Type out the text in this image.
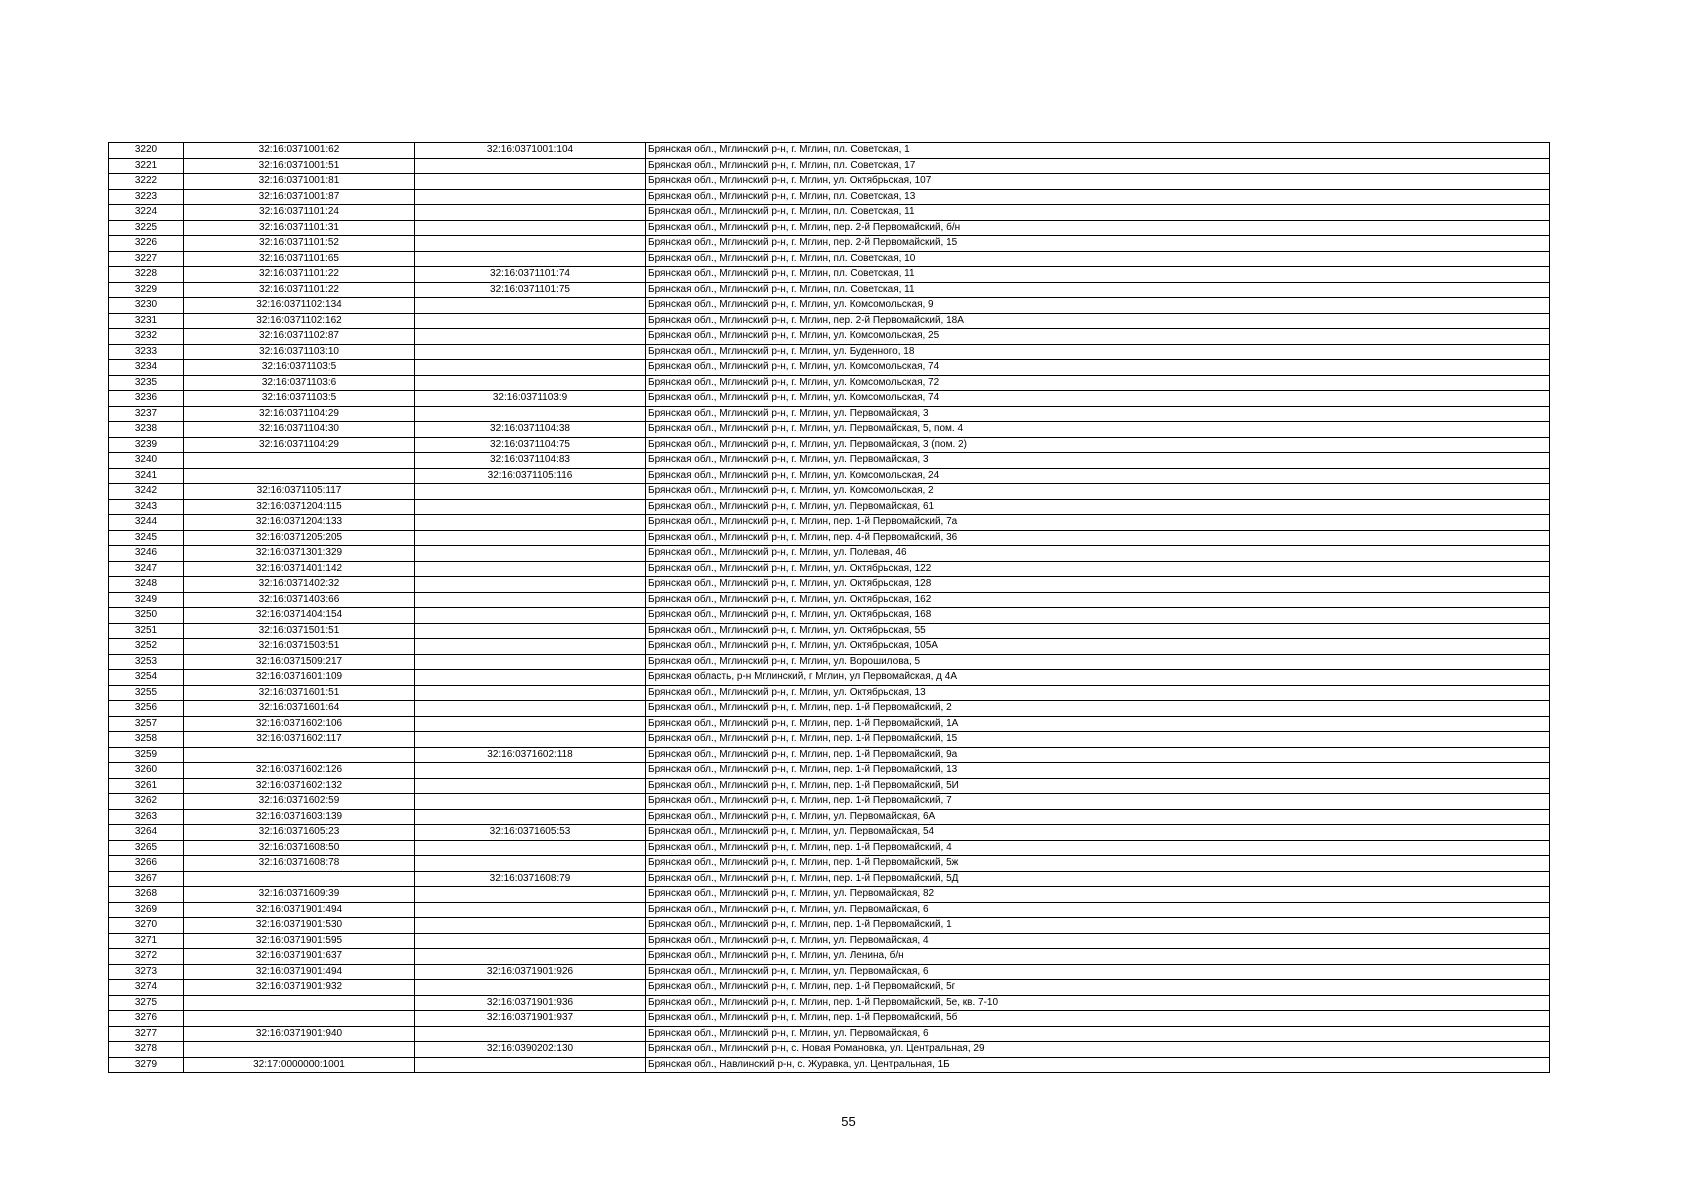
3220	32:16:0371001:62	32:16:0371001:104	Брянская обл., Мглинский р-н, г. Мглин, пл. Советская, 1
3221	32:16:0371001:51		Брянская обл., Мглинский р-н, г. Мглин, пл. Советская, 17
3222	32:16:0371001:81		Брянская обл., Мглинский р-н, г. Мглин, ул. Октябрьская, 107
3223	32:16:0371001:87		Брянская обл., Мглинский р-н, г. Мглин, пл. Советская, 13
3224	32:16:0371101:24		Брянская обл., Мглинский р-н, г. Мглин, пл. Советская, 11
3225	32:16:0371101:31		Брянская обл., Мглинский р-н, г. Мглин, пер. 2-й Первомайский, б/н
3226	32:16:0371101:52		Брянская обл., Мглинский р-н, г. Мглин, пер. 2-й Первомайский, 15
3227	32:16:0371101:65		Брянская обл., Мглинский р-н, г. Мглин, пл. Советская, 10
3228	32:16:0371101:22	32:16:0371101:74	Брянская обл., Мглинский р-н, г. Мглин, пл. Советская, 11
3229	32:16:0371101:22	32:16:0371101:75	Брянская обл., Мглинский р-н, г. Мглин, пл. Советская, 11
3230	32:16:0371102:134		Брянская обл., Мглинский р-н, г. Мглин, ул. Комсомольская, 9
3231	32:16:0371102:162		Брянская обл., Мглинский р-н, г. Мглин, пер. 2-й Первомайский, 18А
3232	32:16:0371102:87		Брянская обл., Мглинский р-н, г. Мглин, ул. Комсомольская, 25
3233	32:16:0371103:10		Брянская обл., Мглинский р-н, г. Мглин, ул. Буденного, 18
3234	32:16:0371103:5		Брянская обл., Мглинский р-н, г. Мглин, ул. Комсомольская, 74
3235	32:16:0371103:6		Брянская обл., Мглинский р-н, г. Мглин, ул. Комсомольская, 72
3236	32:16:0371103:5	32:16:0371103:9	Брянская обл., Мглинский р-н, г. Мглин, ул. Комсомольская, 74
3237	32:16:0371104:29		Брянская обл., Мглинский р-н, г. Мглин, ул. Первомайская, 3
3238	32:16:0371104:30	32:16:0371104:38	Брянская обл., Мглинский р-н, г. Мглин, ул. Первомайская, 5, пом. 4
3239	32:16:0371104:29	32:16:0371104:75	Брянская обл., Мглинский р-н, г. Мглин, ул. Первомайская, 3 (пом. 2)
3240		32:16:0371104:83	Брянская обл., Мглинский р-н, г. Мглин, ул. Первомайская, 3
3241		32:16:0371105:116	Брянская обл., Мглинский р-н, г. Мглин, ул. Комсомольская, 24
3242	32:16:0371105:117		Брянская обл., Мглинский р-н, г. Мглин, ул. Комсомольская, 2
3243	32:16:0371204:115		Брянская обл., Мглинский р-н, г. Мглин, ул. Первомайская, 61
3244	32:16:0371204:133		Брянская обл., Мглинский р-н, г. Мглин, пер. 1-й Первомайский, 7а
3245	32:16:0371205:205		Брянская обл., Мглинский р-н, г. Мглин, пер. 4-й Первомайский, 36
3246	32:16:0371301:329		Брянская обл., Мглинский р-н, г. Мглин, ул. Полевая, 46
3247	32:16:0371401:142		Брянская обл., Мглинский р-н, г. Мглин, ул. Октябрьская, 122
3248	32:16:0371402:32		Брянская обл., Мглинский р-н, г. Мглин, ул. Октябрьская, 128
3249	32:16:0371403:66		Брянская обл., Мглинский р-н, г. Мглин, ул. Октябрьская, 162
3250	32:16:0371404:154		Брянская обл., Мглинский р-н, г. Мглин, ул. Октябрьская, 168
3251	32:16:0371501:51		Брянская обл., Мглинский р-н, г. Мглин, ул. Октябрьская, 55
3252	32:16:0371503:51		Брянская обл., Мглинский р-н, г. Мглин, ул. Октябрьская, 105А
3253	32:16:0371509:217		Брянская обл., Мглинский р-н, г. Мглин, ул. Ворошилова, 5
3254	32:16:0371601:109		Брянская область, р-н Мглинский, г Мглин, ул Первомайская, д 4А
3255	32:16:0371601:51		Брянская обл., Мглинский р-н, г. Мглин, ул. Октябрьская, 13
3256	32:16:0371601:64		Брянская обл., Мглинский р-н, г. Мглин, пер. 1-й Первомайский, 2
3257	32:16:0371602:106		Брянская обл., Мглинский р-н, г. Мглин, пер. 1-й Первомайский, 1А
3258	32:16:0371602:117		Брянская обл., Мглинский р-н, г. Мглин, пер. 1-й Первомайский, 15
3259		32:16:0371602:118	Брянская обл., Мглинский р-н, г. Мглин, пер. 1-й Первомайский, 9а
3260	32:16:0371602:126		Брянская обл., Мглинский р-н, г. Мглин, пер. 1-й Первомайский, 13
3261	32:16:0371602:132		Брянская обл., Мглинский р-н, г. Мглин, пер. 1-й Первомайский, 5И
3262	32:16:0371602:59		Брянская обл., Мглинский р-н, г. Мглин, пер. 1-й Первомайский, 7
3263	32:16:0371603:139		Брянская обл., Мглинский р-н, г. Мглин, ул. Первомайская, 6А
3264	32:16:0371605:23	32:16:0371605:53	Брянская обл., Мглинский р-н, г. Мглин, ул. Первомайская, 54
3265	32:16:0371608:50		Брянская обл., Мглинский р-н, г. Мглин, пер. 1-й Первомайский, 4
3266	32:16:0371608:78		Брянская обл., Мглинский р-н, г. Мглин, пер. 1-й Первомайский, 5ж
3267		32:16:0371608:79	Брянская обл., Мглинский р-н, г. Мглин, пер. 1-й Первомайский, 5Д
3268	32:16:0371609:39		Брянская обл., Мглинский р-н, г. Мглин, ул. Первомайская, 82
3269	32:16:0371901:494		Брянская обл., Мглинский р-н, г. Мглин, ул. Первомайская, 6
3270	32:16:0371901:530		Брянская обл., Мглинский р-н, г. Мглин, пер. 1-й Первомайский, 1
3271	32:16:0371901:595		Брянская обл., Мглинский р-н, г. Мглин, ул. Первомайская, 4
3272	32:16:0371901:637		Брянская обл., Мглинский р-н, г. Мглин, ул. Ленина, б/н
3273	32:16:0371901:494	32:16:0371901:926	Брянская обл., Мглинский р-н, г. Мглин, ул. Первомайская, 6
3274	32:16:0371901:932		Брянская обл., Мглинский р-н, г. Мглин, пер. 1-й Первомайский, 5г
3275		32:16:0371901:936	Брянская обл., Мглинский р-н, г. Мглин, пер. 1-й Первомайский, 5е, кв. 7-10
3276		32:16:0371901:937	Брянская обл., Мглинский р-н, г. Мглин, пер. 1-й Первомайский, 5б
3277	32:16:0371901:940		Брянская обл., Мглинский р-н, г. Мглин, ул. Первомайская, 6
3278		32:16:0390202:130	Брянская обл., Мглинский р-н, с. Новая Романовка, ул. Центральная, 29
3279	32:17:0000000:1001		Брянская обл., Навлинский р-н, с. Журавка, ул. Центральная, 1Б
55
